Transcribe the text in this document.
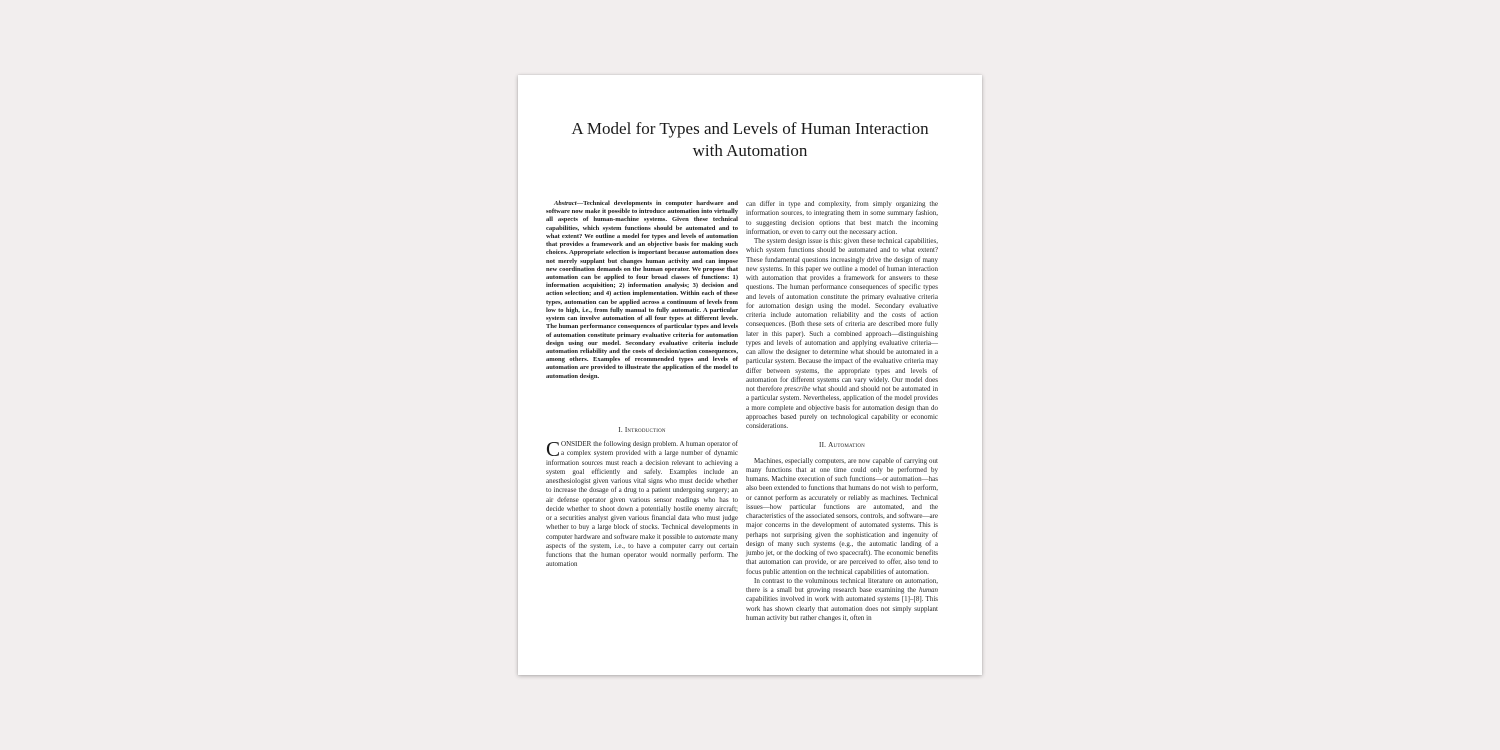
A Model for Types and Levels of Human Interaction
with Automation

Abstract—Technical developments in computer hardware and software now make it possible to introduce automation into virtually all aspects of human-machine systems. Given these technical capabilities, which system functions should be automated and to what extent? We outline a model for types and levels of automation that provides a framework and an objective basis for making such choices. Appropriate selection is important because automation does not merely supplant but changes human activity and can impose new coordination demands on the human operator. We propose that automation can be applied to four broad classes of functions: 1) information acquisition; 2) information analysis; 3) decision and action selection; and 4) action implementation. Within each of these types, automation can be applied across a continuum of levels from low to high, i.e., from fully manual to fully automatic. A particular system can involve automation of all four types at different levels. The human performance consequences of particular types and levels of automation constitute primary evaluative criteria for automation design using our model. Secondary evaluative criteria include automation reliability and the costs of decision/action consequences, among others. Examples of recommended types and levels of automation are provided to illustrate the application of the model to automation design.

I. Introduction

CONSIDER the following design problem. A human operator of a complex system provided with a large number of dynamic information sources must reach a decision relevant to achieving a system goal efficiently and safely. Examples include an anesthesiologist given various vital signs who must decide whether to increase the dosage of a drug to a patient undergoing surgery; an air defense operator given various sensor readings who has to decide whether to shoot down a potentially hostile enemy aircraft; or a securities analyst given various financial data who must judge whether to buy a large block of stocks. Technical developments in computer hardware and software make it possible to automate many aspects of the system, i.e., to have a computer carry out certain functions that the human operator would normally perform. The automation

can differ in type and complexity, from simply organizing the information sources, to integrating them in some summary fashion, to suggesting decision options that best match the incoming information, or even to carry out the necessary action.

The system design issue is this: given these technical capabilities, which system functions should be automated and to what extent? These fundamental questions increasingly drive the design of many new systems. In this paper we outline a model of human interaction with automation that provides a framework for answers to these questions. The human performance consequences of specific types and levels of automation constitute the primary evaluative criteria for automation design using the model. Secondary evaluative criteria include automation reliability and the costs of action consequences. (Both these sets of criteria are described more fully later in this paper). Such a combined approach—distinguishing types and levels of automation and applying evaluative criteria—can allow the designer to determine what should be automated in a particular system. Because the impact of the evaluative criteria may differ between systems, the appropriate types and levels of automation for different systems can vary widely. Our model does not therefore prescribe what should and should not be automated in a particular system. Nevertheless, application of the model provides a more complete and objective basis for automation design than do approaches based purely on technological capability or economic considerations.

II. Automation

Machines, especially computers, are now capable of carrying out many functions that at one time could only be performed by humans. Machine execution of such functions—or automation—has also been extended to functions that humans do not wish to perform, or cannot perform as accurately or reliably as machines. Technical issues—how particular functions are automated, and the characteristics of the associated sensors, controls, and software—are major concerns in the development of automated systems. This is perhaps not surprising given the sophistication and ingenuity of design of many such systems (e.g., the automatic landing of a jumbo jet, or the docking of two spacecraft). The economic benefits that automation can provide, or are perceived to offer, also tend to focus public attention on the technical capabilities of automation.

In contrast to the voluminous technical literature on automation, there is a small but growing research base examining the human capabilities involved in work with automated systems [1]–[8]. This work has shown clearly that automation does not simply supplant human activity but rather changes it, often in
